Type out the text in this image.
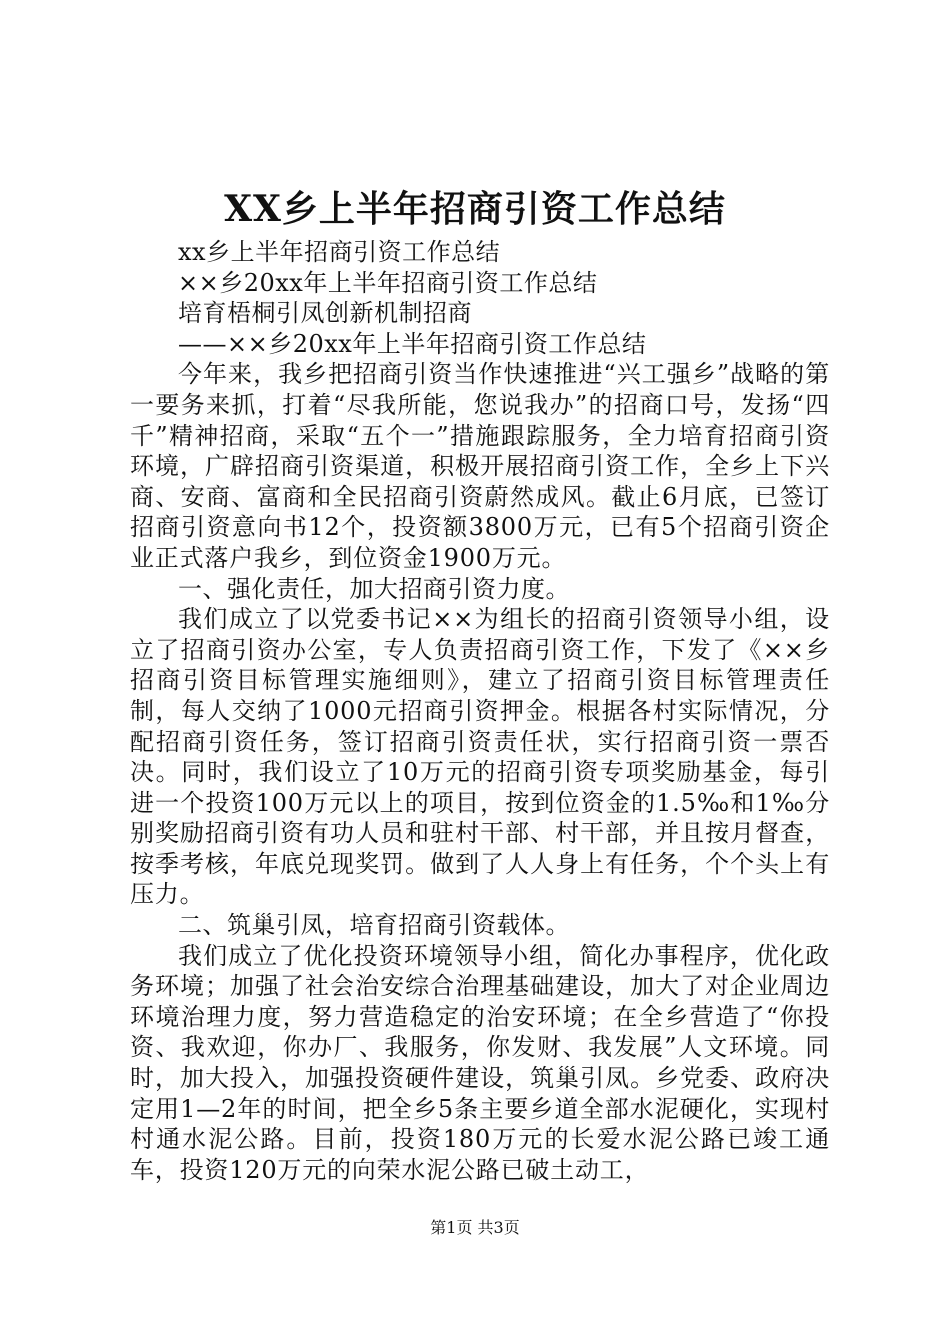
XX乡上半年招商引资工作总结

xx乡上半年招商引资工作总结

××乡20xx年上半年招商引资工作总结

培育梧桐引凤创新机制招商

——××乡20xx年上半年招商引资工作总结

今年来，我乡把招商引资当作快速推进“兴工强乡”战略的第一要务来抓，打着“尽我所能，您说我办”的招商口号，发扬“四千”精神招商，采取“五个一”措施跟踪服务，全力培育招商引资环境，广辟招商引资渠道，积极开展招商引资工作，全乡上下兴商、安商、富商和全民招商引资蔚然成风。截止6月底，已签订招商引资意向书12个，投资额3800万元，已有5个招商引资企业正式落户我乡，到位资金1900万元。

一、强化责任，加大招商引资力度。

我们成立了以党委书记××为组长的招商引资领导小组，设立了招商引资办公室，专人负责招商引资工作，下发了《××乡招商引资目标管理实施细则》，建立了招商引资目标管理责任制，每人交纳了1000元招商引资押金。根据各村实际情况，分配招商引资任务，签订招商引资责任状，实行招商引资一票否决。同时，我们设立了10万元的招商引资专项奖励基金，每引进一个投资100万元以上的项目，按到位资金的1.5‰和1‰分别奖励招商引资有功人员和驻村干部、村干部，并且按月督查，按季考核，年底兑现奖罚。做到了人人身上有任务，个个头上有压力。

二、筑巢引凤，培育招商引资载体。

我们成立了优化投资环境领导小组，简化办事程序，优化政务环境；加强了社会治安综合治理基础建设，加大了对企业周边环境治理力度，努力营造稳定的治安环境；在全乡营造了“你投资、我欢迎，你办厂、我服务，你发财、我发展”人文环境。同时，加大投入，加强投资硬件建设，筑巢引凤。乡党委、政府决定用1—2年的时间，把全乡5条主要乡道全部水泥硬化，实现村村通水泥公路。目前，投资180万元的长爱水泥公路已竣工通车，投资120万元的向荣水泥公路已破土动工，

第1页 共3页
